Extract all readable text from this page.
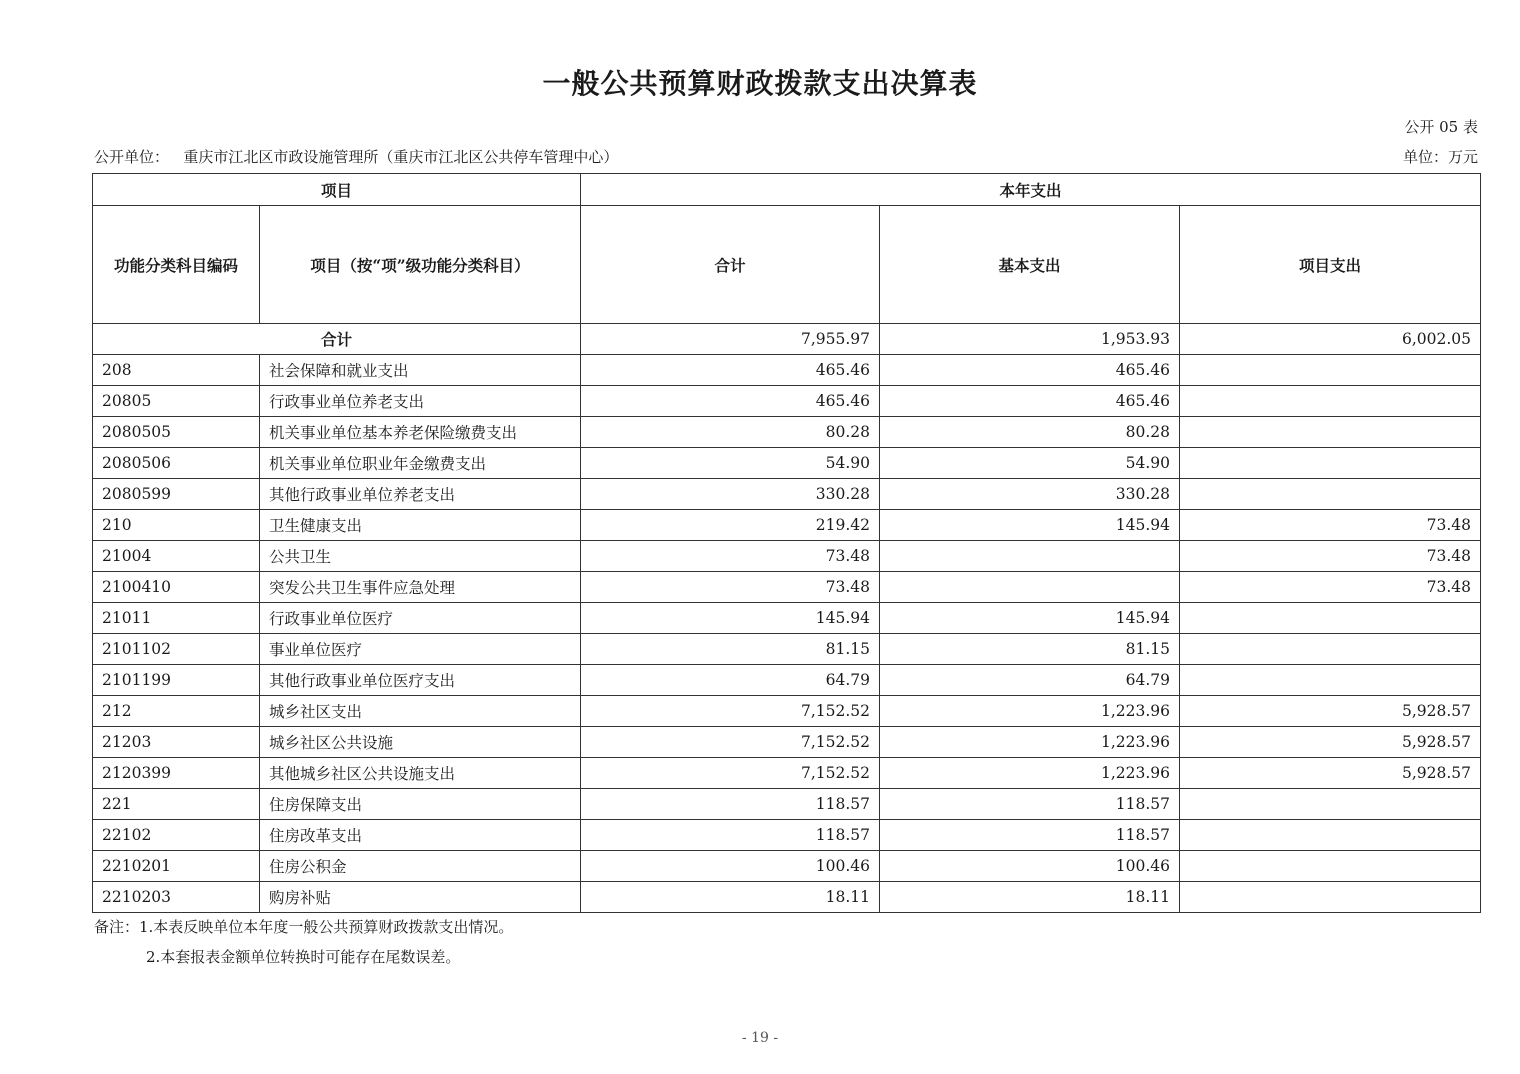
一般公共预算财政拨款支出决算表
公开 05 表
公开单位： 重庆市江北区市政设施管理所（重庆市江北区公共停车管理中心）	单位：万元
项目		本年支出		
功能分类科目编码	项目（按“项”级功能分类科目）	合计	基本支出	项目支出
合计		7,955.97	1,953.93	6,002.05
208	社会保障和就业支出	465.46	465.46	
20805	行政事业单位养老支出	465.46	465.46	
2080505	机关事业单位基本养老保险缴费支出	80.28	80.28	
2080506	机关事业单位职业年金缴费支出	54.90	54.90	
2080599	其他行政事业单位养老支出	330.28	330.28	
210	卫生健康支出	219.42	145.94	73.48
21004	公共卫生	73.48		73.48
2100410	突发公共卫生事件应急处理	73.48		73.48
21011	行政事业单位医疗	145.94	145.94	
2101102	事业单位医疗	81.15	81.15	
2101199	其他行政事业单位医疗支出	64.79	64.79	
212	城乡社区支出	7,152.52	1,223.96	5,928.57
21203	城乡社区公共设施	7,152.52	1,223.96	5,928.57
2120399	其他城乡社区公共设施支出	7,152.52	1,223.96	5,928.57
221	住房保障支出	118.57	118.57	
22102	住房改革支出	118.57	118.57	
2210201	住房公积金	100.46	100.46	
2210203	购房补贴	18.11	18.11	
备注：1.本表反映单位本年度一般公共预算财政拨款支出情况。
2.本套报表金额单位转换时可能存在尾数误差。
- 19 -
